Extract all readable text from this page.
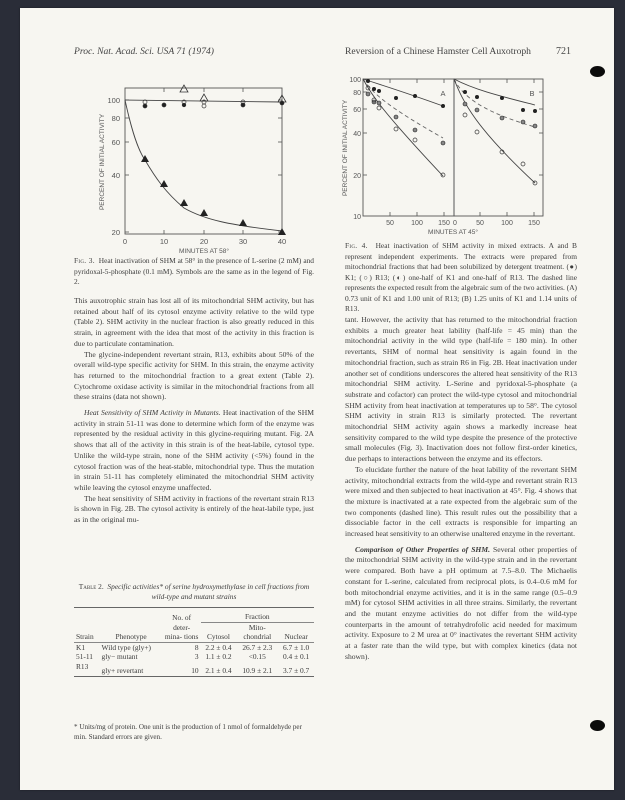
Proc. Nat. Acad. Sci. USA 71 (1974)	Reversion of a Chinese Hamster Cell Auxotroph	721
100
80
60
40
20
0	10	20	30	40
MINUTES AT 58°
PERCENT OF INITIAL ACTIVITY
Fig. 3. Heat inactivation of SHM at 58° in the presence of L-serine (2 mM) and pyridoxal-5-phosphate (0.1 mM). Symbols are the same as in the legend of Fig. 2.
100
80
60
40
20
10
50 100 150 0	50 100 150
MINUTES AT 45°
PERCENT OF INITIAL ACTIVITY
A	B
Fig. 4. Heat inactivation of SHM activity in mixed extracts. A and B represent independent experiments. The extracts were prepared from mitochondrial fractions that had been solubilized by detergent treatment. (●) K1; (○) R13; (◐) one-half of K1 and one-half of R13. The dashed line represents the expected result from the algebraic sum of the two activities. (A) 0.73 unit of K1 and 1.00 unit of R13; (B) 1.25 units of K1 and 1.14 units of R13.

This auxotrophic strain has lost all of its mitochondrial SHM activity, but has retained about half of its cytosol enzyme activity relative to the wild type (Table 2). SHM activity in the nuclear fraction is also greatly reduced in this strain, in agreement with the idea that most of the activity in this fraction is due to particulate contamination.

The glycine-independent revertant strain, R13, exhibits about 50% of the overall wild-type specific activity for SHM. In this strain, the enzyme activity has returned to the mitochondrial fraction to a great extent (Table 2). Cytochrome oxidase activity is similar in the mitochondrial fractions from all these strains (data not shown).

Heat Sensitivity of SHM Activity in Mutants. Heat inactivation of the SHM activity in strain 51-11 was done to determine which form of the enzyme was represented by the residual activity in this glycine-requiring mutant. Fig. 2A shows that all of the activity in this strain is of the heat-labile, cytosol type. Unlike the wild-type strain, none of the SHM activity (<5%) found in the cytosol fraction was of the heat-stable, mitochondrial type. Thus the mutation in strain 51-11 has completely eliminated the mitochondrial SHM activity while leaving the cytosol enzyme unaffected.

The heat sensitivity of SHM activity in fractions of the revertant strain R13 is shown in Fig. 2B. The cytosol activity is entirely of the heat-labile type, just as in the original mu-

Table 2. Specific activities* of serine hydroxymethylase in cell fractions from wild-type and mutant strains
Strain	Phenotype	No. of deter- mina- tions	Fraction		
			Cytosol	Mito- chondrial	Nuclear
K1	Wild type (gly+)	8	2.2 ± 0.4	26.7 ± 2.3	6.7 ± 1.0
51-11	gly− mutant	3	1.1 ± 0.2	<0.15	0.4 ± 0.1
R13	gly+ revertant	10	2.1 ± 0.4	10.9 ± 2.1	3.7 ± 0.7
* Units/mg of protein. One unit is the production of 1 nmol of formaldehyde per min. Standard errors are given.

tant. However, the activity that has returned to the mitochondrial fraction exhibits a much greater heat lability (half-life = 45 min) than the mitochondrial activity in the wild type (half-life = 180 min). In other revertants, SHM of normal heat sensitivity is again found in the mitochondrial fraction, such as strain R6 in Fig. 2B. Heat inactivation under another set of conditions underscores the altered heat sensitivity of the R13 mitochondrial SHM activity. L-Serine and pyridoxal-5-phosphate (a substrate and cofactor) can protect the wild-type cytosol and mitochondrial SHM activity from heat inactivation at temperatures up to 58°. The cytosol SHM activity in strain R13 is similarly protected. The revertant mitochondrial SHM activity again shows a markedly increase heat sensitivity compared to the wild type despite the presence of the protective small molecules (Fig. 3). Inactivation does not follow first-order kinetics, due perhaps to interactions between the enzyme and its effectors.

To elucidate further the nature of the heat lability of the revertant SHM activity, mitochondrial extracts from the wild-type and revertant strain R13 were mixed and then subjected to heat inactivation at 45°. Fig. 4 shows that the mixture is inactivated at a rate expected from the algebraic sum of the two components (dashed line). This result rules out the possibility that a dissociable factor in the cell extracts is responsible for imparting an increased heat sensitivity to an otherwise unaltered enzyme in the revertant.

Comparison of Other Properties of SHM. Several other properties of the mitochondrial SHM activity in the wild-type strain and in the revertant were compared. Both have a pH optimum at 7.5–8.0. The Michaelis constant for L-serine, calculated from reciprocal plots, is 0.4–0.6 mM for both mitochondrial enzyme activities, and it is in the same range (0.5–0.9 mM) for cytosol SHM activities in all three strains. Similarly, the revertant and the mutant enzyme activities do not differ from the wild-type counterparts in the amount of tetrahydrofolic acid needed for maximum activity. Exposure to 2 M urea at 0° inactivates the revertant SHM activity at a faster rate than the wild type, but with complex kinetics (data not shown).
